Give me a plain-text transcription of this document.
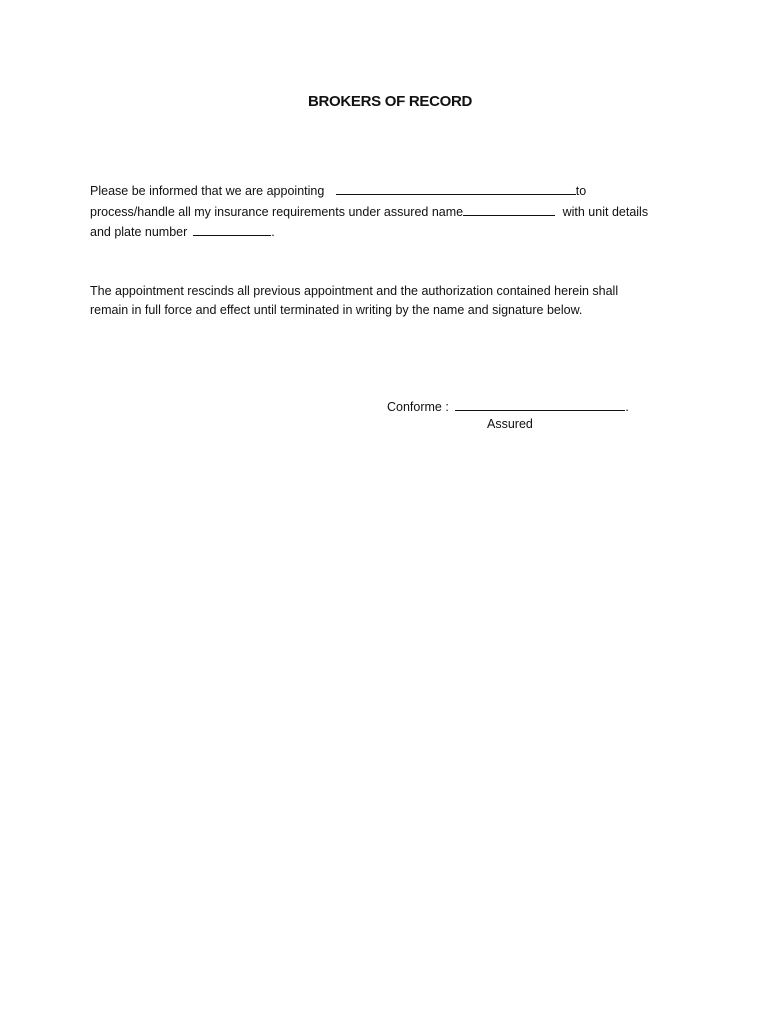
BROKERS OF RECORD
Please be informed that we are appointing	to
process/handle all my insurance requirements under assured name	with unit details
and plate number	.
The appointment rescinds all previous appointment and the authorization contained herein shall remain in full force and effect until terminated in writing by the name and signature below.
Conforme :	.
Assured
